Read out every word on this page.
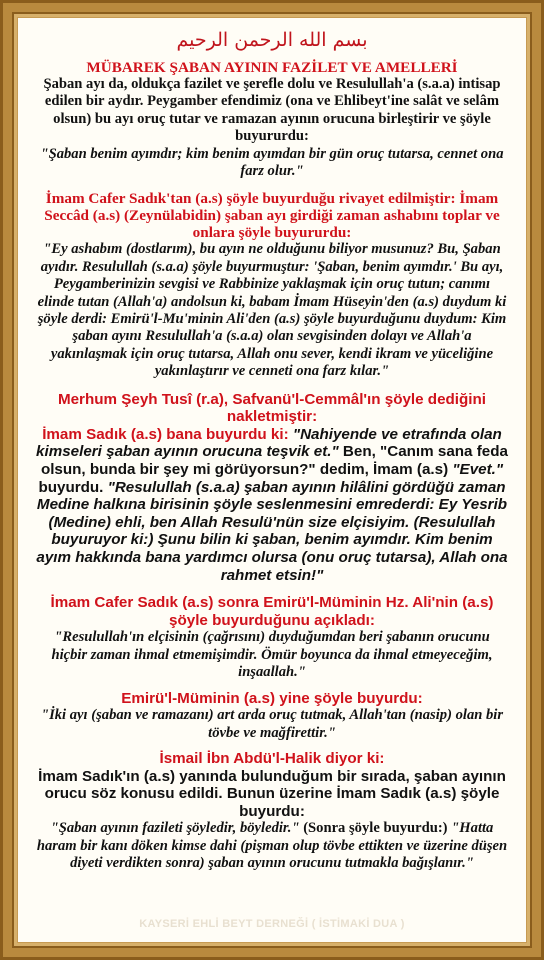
بسم الله الرحمن الرحيم

MÜBAREK ŞABAN AYININ FAZİLET VE AMELLERİ

Şaban ayı da, oldukça fazilet ve şerefle dolu ve Resulullah'a (s.a.a) intisap edilen bir aydır. Peygamber efendimiz (ona ve Ehlibeyt'ine salât ve selâm olsun) bu ayı oruç tutar ve ramazan ayının orucuna birleştirir ve şöyle buyururdu:

"Şaban benim ayımdır; kim benim ayımdan bir gün oruç tutarsa, cennet ona farz olur."

İmam Cafer Sadık'tan (a.s) şöyle buyurduğu rivayet edilmiştir: İmam Seccâd (a.s) (Zeynülabidin) şaban ayı girdiği zaman ashabını toplar ve onlara şöyle buyururdu:

"Ey ashabım (dostlarım), bu ayın ne olduğunu biliyor musunuz? Bu, Şaban ayıdır. Resulullah (s.a.a) şöyle buyurmuştur: 'Şaban, benim ayımdır.' Bu ayı, Peygamberinizin sevgisi ve Rabbinize yaklaşmak için oruç tutun; canımı elinde tutan (Allah'a) andolsun ki, babam İmam Hüseyin'den (a.s) duydum ki şöyle derdi: Emirü'l-Mu'minin Ali'den (a.s) şöyle buyurduğunu duydum: Kim şaban ayını Resulullah'a (s.a.a) olan sevgisinden dolayı ve Allah'a yakınlaşmak için oruç tutarsa, Allah onu sever, kendi ikram ve yüceliğine yakınlaştırır ve cenneti ona farz kılar."

Merhum Şeyh Tusî (r.a), Safvanü'l-Cemmâl'ın şöyle dediğini nakletmiştir:

İmam Sadık (a.s) bana buyurdu ki: "Nahiyende ve etrafında olan kimseleri şaban ayının orucuna teşvik et." Ben, "Canım sana feda olsun, bunda bir şey mi görüyorsun?" dedim, İmam (a.s) "Evet." buyurdu. "Resulullah (s.a.a) şaban ayının hilâlini gördüğü zaman Medine halkına birisinin şöyle seslenmesini emrederdi: Ey Yesrib (Medine) ehli, ben Allah Resulü'nün size elçisiyim. (Resulullah buyuruyor ki:) Şunu bilin ki şaban, benim ayımdır. Kim benim ayım hakkında bana yardımcı olursa (onu oruç tutarsa), Allah ona rahmet etsin!"

İmam Cafer Sadık (a.s) sonra Emirü'l-Müminin Hz. Ali'nin (a.s) şöyle buyurduğunu açıkladı:

"Resulullah'ın elçisinin (çağrısını) duyduğumdan beri şabanın orucunu hiçbir zaman ihmal etmemişimdir. Ömür boyunca da ihmal etmeyeceğim, inşaallah."

Emirü'l-Müminin (a.s) yine şöyle buyurdu:

"İki ayı (şaban ve ramazanı) art arda oruç tutmak, Allah'tan (nasip) olan bir tövbe ve mağfirettir."

İsmail İbn Abdü'l-Halik diyor ki:

İmam Sadık'ın (a.s) yanında bulunduğum bir sırada, şaban ayının orucu söz konusu edildi. Bunun üzerine İmam Sadık (a.s) şöyle buyurdu:

"Şaban ayının fazileti şöyledir, böyledir." (Sonra şöyle buyurdu:) "Hatta haram bir kanı döken kimse dahi (pişman olup tövbe ettikten ve üzerine düşen diyeti verdikten sonra) şaban ayının orucunu tutmakla bağışlanır."

KAYSERİ EHLİ BEYT DERNEĞİ ( İSTİMAKİ DUA )
